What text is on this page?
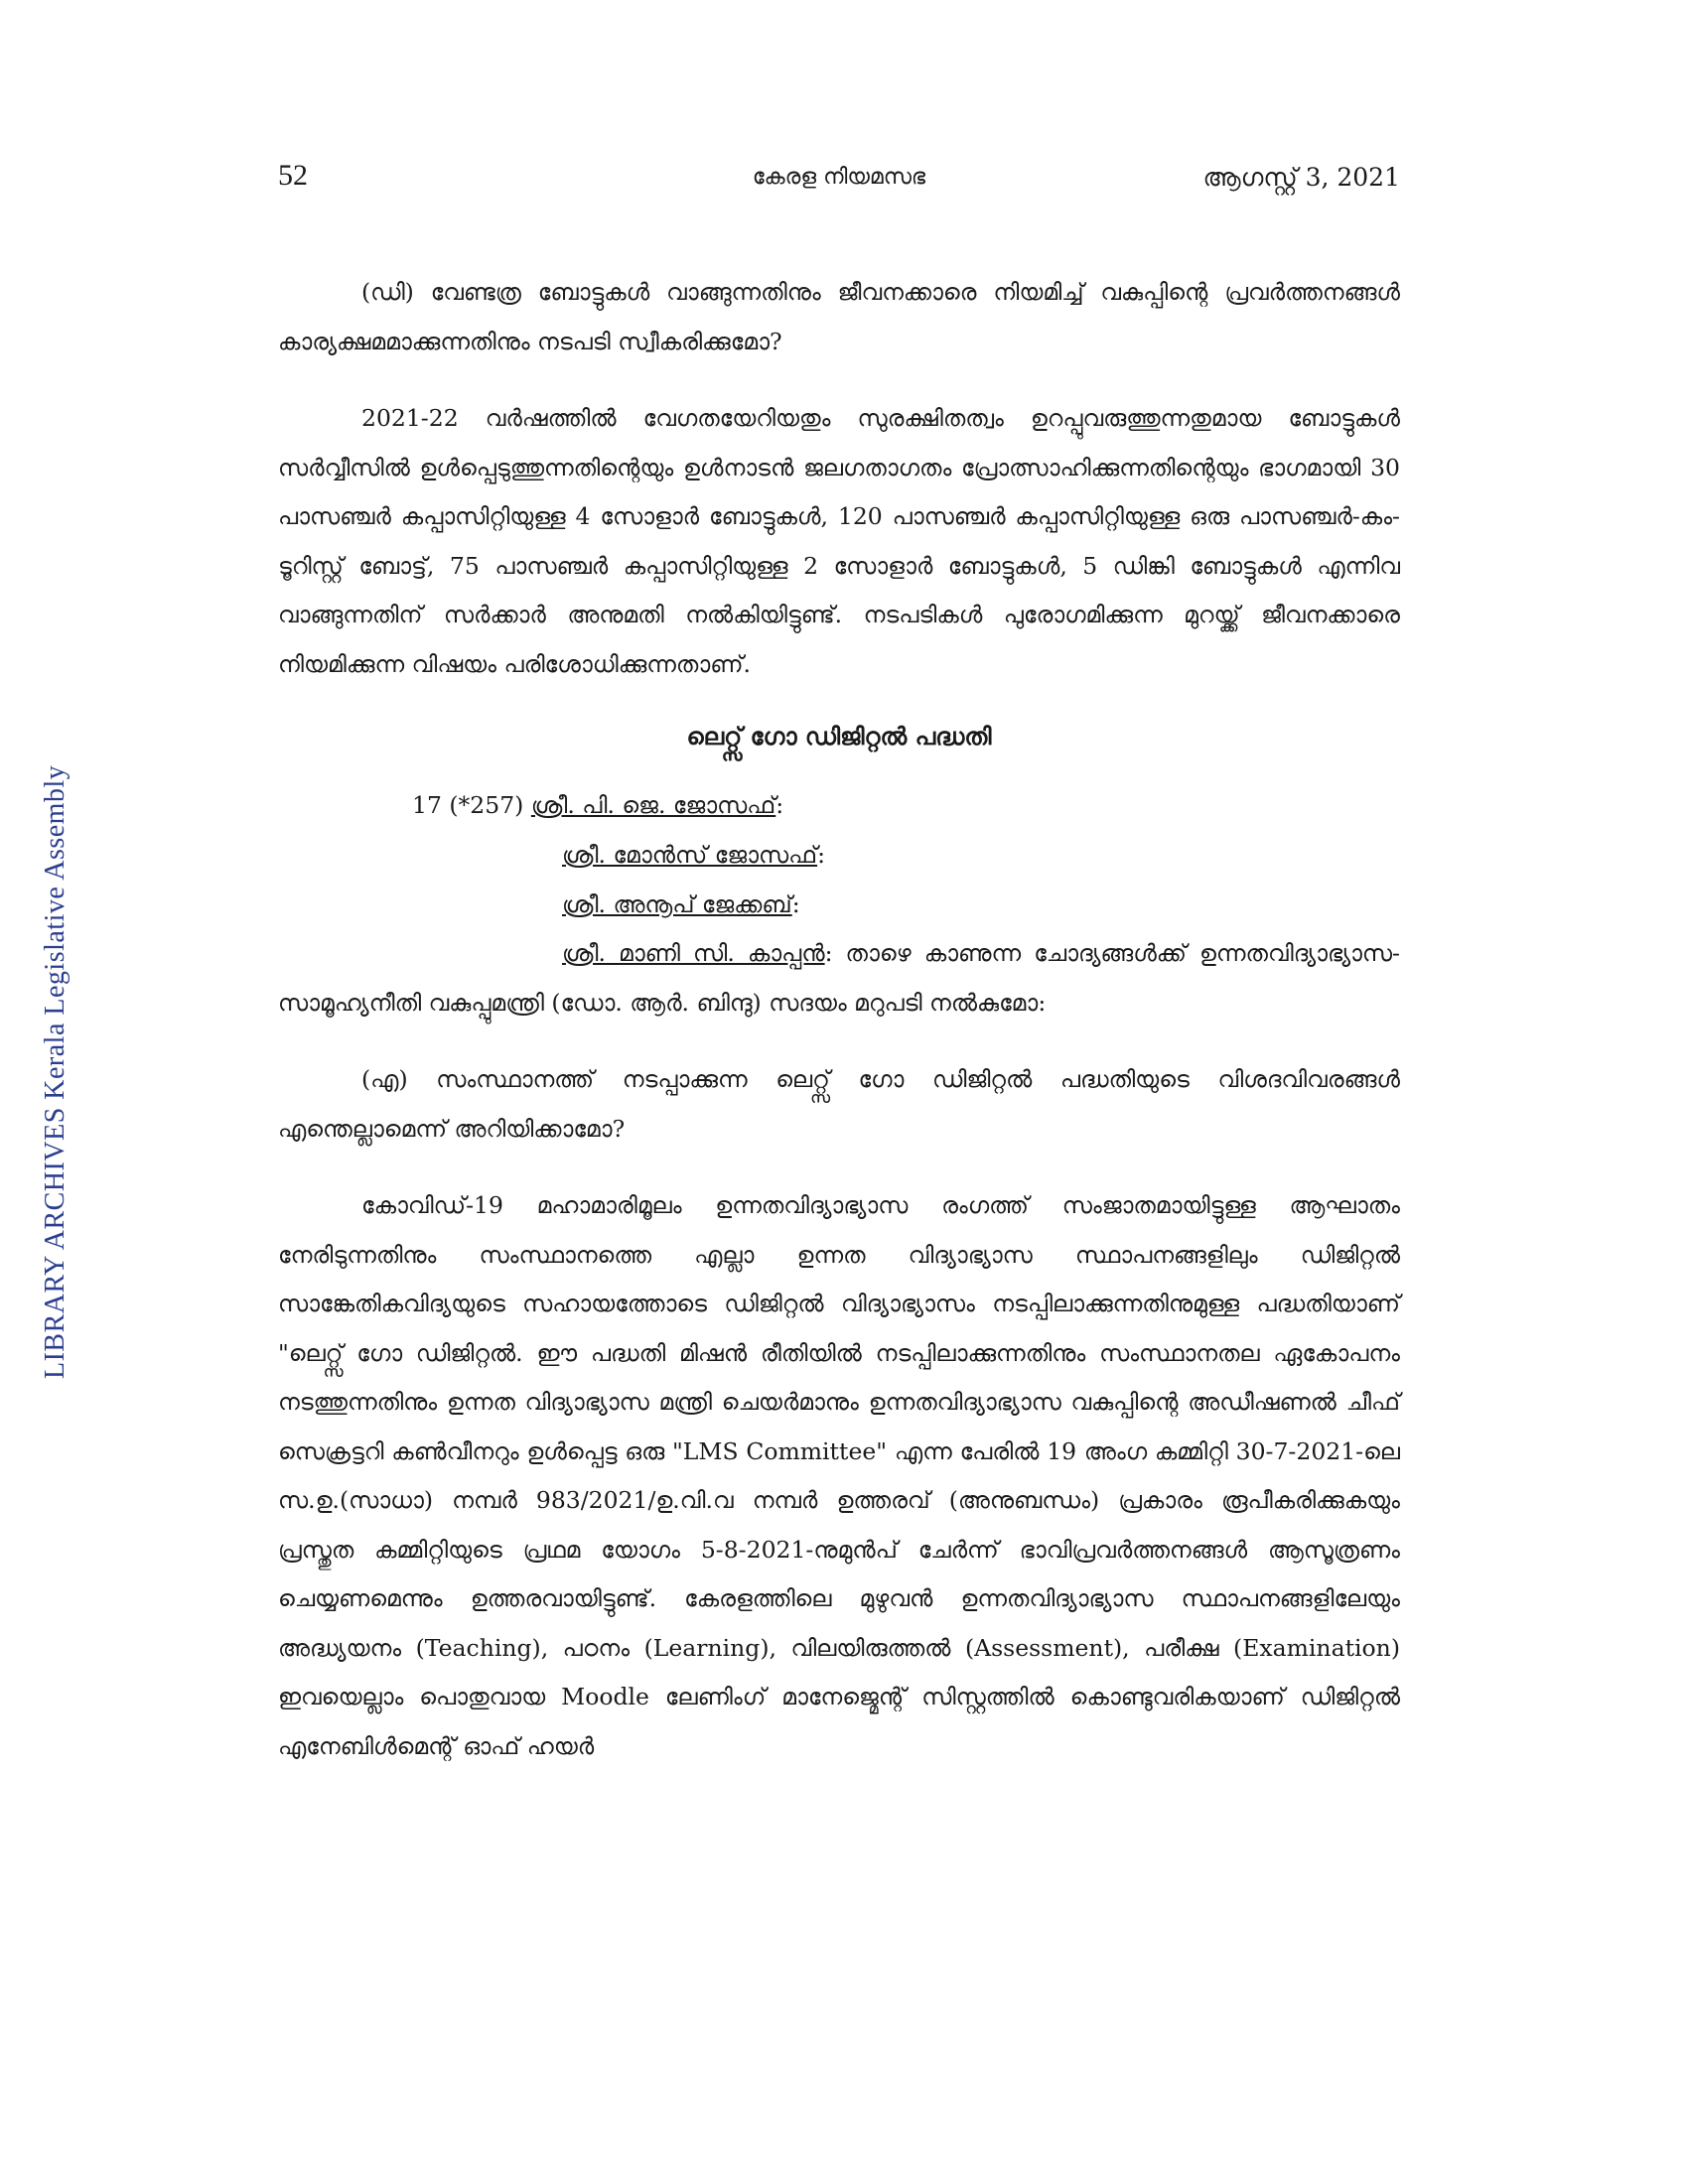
LIBRARY ARCHIVES Kerala Legislative Assembly
52	കേരള നിയമസഭ	ആഗസ്റ്റ് 3, 2021

(ഡി) വേണ്ടത്ര ബോട്ടുകൾ വാങ്ങുന്നതിനും ജീവനക്കാരെ നിയമിച്ച് വകുപ്പിന്റെ പ്രവർത്തനങ്ങൾ കാര്യക്ഷമമാക്കുന്നതിനും നടപടി സ്വീകരിക്കുമോ?

2021-22 വർഷത്തിൽ വേഗതയേറിയതും സുരക്ഷിതത്വം ഉറപ്പുവരുത്തുന്നതുമായ ബോട്ടുകൾ സർവ്വീസിൽ ഉൾപ്പെടുത്തുന്നതിന്റെയും ഉൾനാടൻ ജലഗതാഗതം പ്രോത്സാഹിക്കുന്നതിന്റെയും ഭാഗമായി 30 പാസഞ്ചർ കപ്പാസിറ്റിയുള്ള 4 സോളാർ ബോട്ടുകൾ, 120 പാസഞ്ചർ കപ്പാസിറ്റിയുള്ള ഒരു പാസഞ്ചർ-കം-ടൂറിസ്റ്റ് ബോട്ട്, 75 പാസഞ്ചർ കപ്പാസിറ്റിയുള്ള 2 സോളാർ ബോട്ടുകൾ, 5 ഡിങ്കി ബോട്ടുകൾ എന്നിവ വാങ്ങുന്നതിന് സർക്കാർ അനുമതി നൽകിയിട്ടുണ്ട്. നടപടികൾ പുരോഗമിക്കുന്ന മുറയ്ക്ക് ജീവനക്കാരെ നിയമിക്കുന്ന വിഷയം പരിശോധിക്കുന്നതാണ്.

ലെറ്റ്സ് ഗോ ഡിജിറ്റൽ പദ്ധതി
17 (*257) ശ്രീ. പി. ജെ. ജോസഫ്:
ശ്രീ. മോൻസ് ജോസഫ്:
ശ്രീ. അനൂപ് ജേക്കബ്:

ശ്രീ. മാണി സി. കാപ്പൻ: താഴെ കാണുന്ന ചോദ്യങ്ങൾക്ക് ഉന്നതവിദ്യാഭ്യാസ-സാമൂഹ്യനീതി വകുപ്പുമന്ത്രി (ഡോ. ആർ. ബിന്ദു) സദയം മറുപടി നൽകുമോ:

(എ) സംസ്ഥാനത്ത് നടപ്പാക്കുന്ന ലെറ്റ്സ് ഗോ ഡിജിറ്റൽ പദ്ധതിയുടെ വിശദവിവരങ്ങൾ എന്തെല്ലാമെന്ന് അറിയിക്കാമോ?

കോവിഡ്-19 മഹാമാരിമൂലം ഉന്നതവിദ്യാഭ്യാസ രംഗത്ത് സംജാതമായിട്ടുള്ള ആഘാതം നേരിടുന്നതിനും സംസ്ഥാനത്തെ എല്ലാ ഉന്നത വിദ്യാഭ്യാസ സ്ഥാപനങ്ങളിലും ഡിജിറ്റൽ സാങ്കേതികവിദ്യയുടെ സഹായത്തോടെ ഡിജിറ്റൽ വിദ്യാഭ്യാസം നടപ്പിലാക്കുന്നതിനുമുള്ള പദ്ധതിയാണ് "ലെറ്റ്സ് ഗോ ഡിജിറ്റൽ. ഈ പദ്ധതി മിഷൻ രീതിയിൽ നടപ്പിലാക്കുന്നതിനും സംസ്ഥാനതല ഏകോപനം നടത്തുന്നതിനും ഉന്നത വിദ്യാഭ്യാസ മന്ത്രി ചെയർമാനും ഉന്നതവിദ്യാഭ്യാസ വകുപ്പിന്റെ അഡീഷണൽ ചീഫ് സെക്രട്ടറി കൺവീനറും ഉൾപ്പെട്ട ഒരു "LMS Committee" എന്ന പേരിൽ 19 അംഗ കമ്മിറ്റി 30-7-2021-ലെ സ.ഉ.(സാധാ) നമ്പർ 983/2021/ഉ.വി.വ നമ്പർ ഉത്തരവ് (അനുബന്ധം) പ്രകാരം രൂപീകരിക്കുകയും പ്രസ്തുത കമ്മിറ്റിയുടെ പ്രഥമ യോഗം 5-8-2021-നുമുൻപ് ചേർന്ന് ഭാവിപ്രവർത്തനങ്ങൾ ആസൂത്രണം ചെയ്യണമെന്നും ഉത്തരവായിട്ടുണ്ട്. കേരളത്തിലെ മുഴുവൻ ഉന്നതവിദ്യാഭ്യാസ സ്ഥാപനങ്ങളിലേയും അദ്ധ്യയനം (Teaching), പഠനം (Learning), വിലയിരുത്തൽ (Assessment), പരീക്ഷ (Examination) ഇവയെല്ലാം പൊതുവായ Moodle ലേണിംഗ് മാനേജ്മെന്റ് സിസ്റ്റത്തിൽ കൊണ്ടുവരികയാണ് ഡിജിറ്റൽ എനേബിൾമെന്റ് ഓഫ് ഹയർ
